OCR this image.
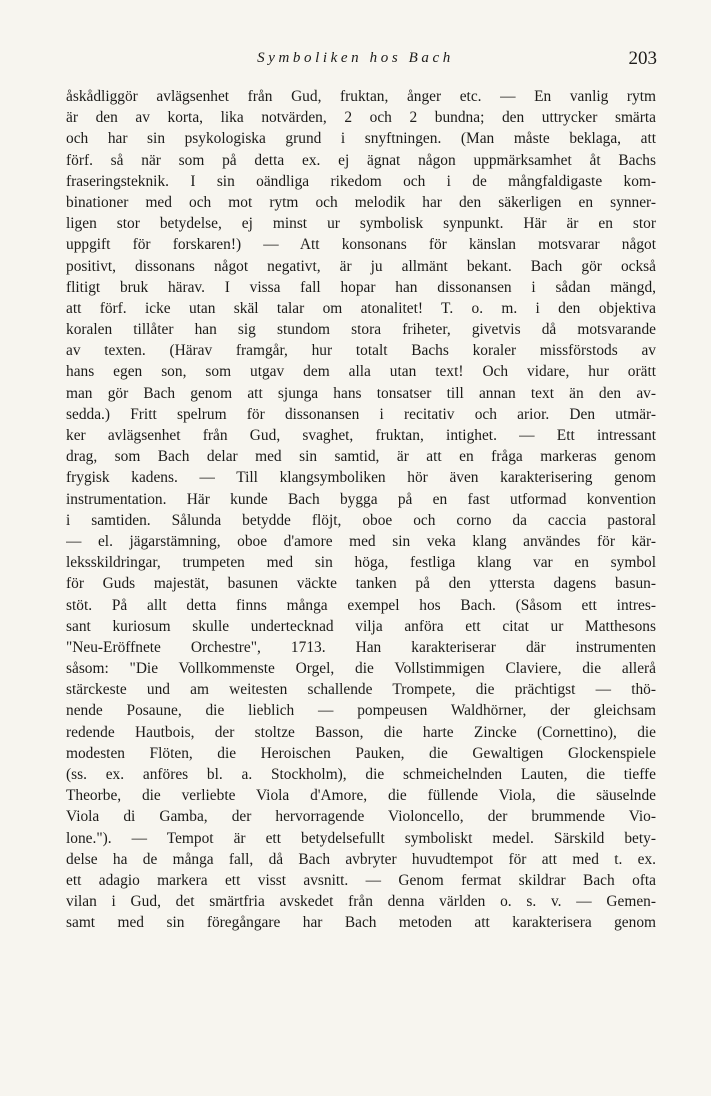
Symboliken hos Bach	203
åskådliggör avlägsenhet från Gud, fruktan, ånger etc. — En vanlig rytm
är den av korta, lika notvärden, 2 och 2 bundna; den uttrycker smärta
och har sin psykologiska grund i snyftningen. (Man måste beklaga, att
förf. så när som på detta ex. ej ägnat någon uppmärksamhet åt Bachs
fraseringsteknik. I sin oändliga rikedom och i de mångfaldigaste kom-
binationer med och mot rytm och melodik har den säkerligen en synner-
ligen stor betydelse, ej minst ur symbolisk synpunkt. Här är en stor
uppgift för forskaren!) — Att konsonans för känslan motsvarar något
positivt, dissonans något negativt, är ju allmänt bekant. Bach gör också
flitigt bruk härav. I vissa fall hopar han dissonansen i sådan mängd,
att förf. icke utan skäl talar om atonalitet! T. o. m. i den objektiva
koralen tillåter han sig stundom stora friheter, givetvis då motsvarande
av texten. (Härav framgår, hur totalt Bachs koraler missförstods av
hans egen son, som utgav dem alla utan text! Och vidare, hur orätt
man gör Bach genom att sjunga hans tonsatser till annan text än den av-
sedda.) Fritt spelrum för dissonansen i recitativ och arior. Den utmär-
ker avlägsenhet från Gud, svaghet, fruktan, intighet. — Ett intressant
drag, som Bach delar med sin samtid, är att en fråga markeras genom
frygisk kadens. — Till klangsymboliken hör även karakterisering genom
instrumentation. Här kunde Bach bygga på en fast utformad konvention
i samtiden. Sålunda betydde flöjt, oboe och corno da caccia pastoral
— el. jägarstämning, oboe d'amore med sin veka klang användes för kär-
leksskildringar, trumpeten med sin höga, festliga klang var en symbol
för Guds majestät, basunen väckte tanken på den yttersta dagens basun-
stöt. På allt detta finns många exempel hos Bach. (Såsom ett intres-
sant kuriosum skulle undertecknad vilja anföra ett citat ur Matthesons
"Neu-Eröffnete Orchestre", 1713. Han karakteriserar där instrumenten
såsom: "Die Vollkommenste Orgel, die Vollstimmigen Claviere, die allerå
stärckeste und am weitesten schallende Trompete, die prächtigst — thö-
nende Posaune, die lieblich — pompeusen Waldhörner, der gleichsam
redende Hautbois, der stoltze Basson, die harte Zincke (Cornettino), die
modesten Flöten, die Heroischen Pauken, die Gewaltigen Glockenspiele
(ss. ex. anföres bl. a. Stockholm), die schmeichelnden Lauten, die tieffe
Theorbe, die verliebte Viola d'Amore, die füllende Viola, die säuselnde
Viola di Gamba, der hervorragende Violoncello, der brummende Vio-
lone."). — Tempot är ett betydelsefullt symboliskt medel. Särskild bety-
delse ha de många fall, då Bach avbryter huvudtempot för att med t. ex.
ett adagio markera ett visst avsnitt. — Genom fermat skildrar Bach ofta
vilan i Gud, det smärtfria avskedet från denna världen o. s. v. — Gemen-
samt med sin föregångare har Bach metoden att karakterisera genom
